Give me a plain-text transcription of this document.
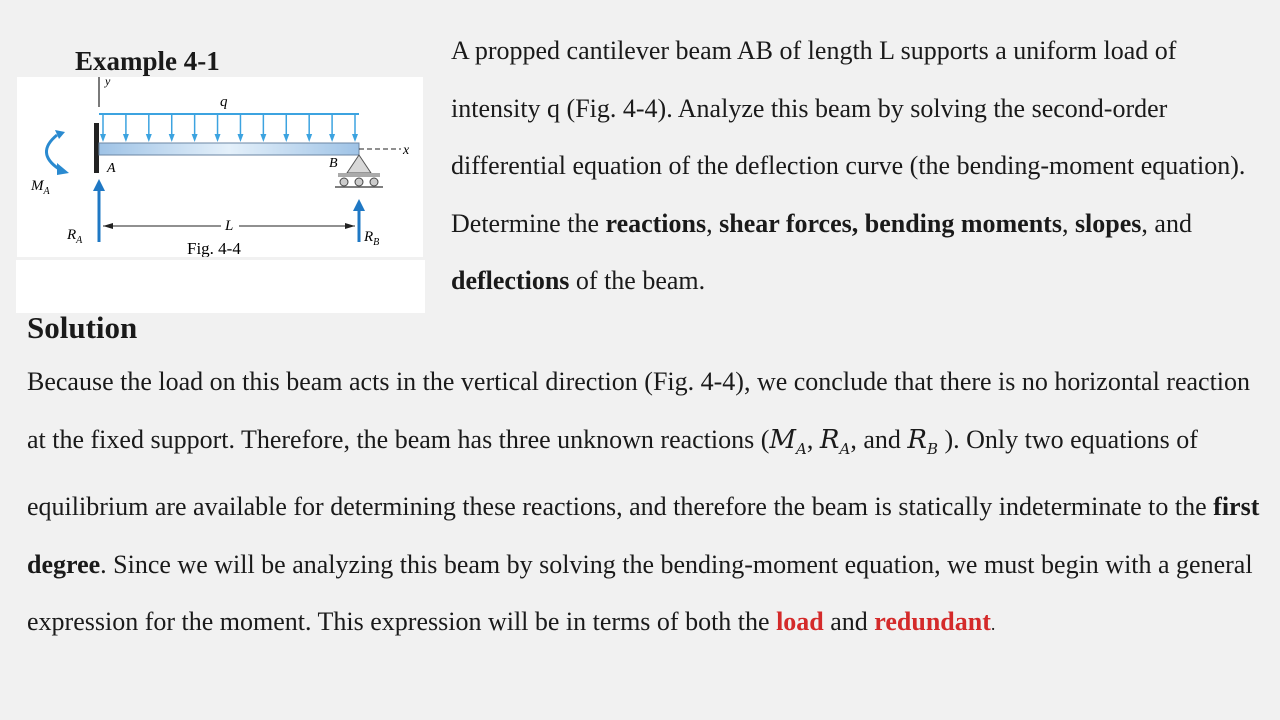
Example 4-1
y
x
q
A	B
$M_A$
$R_A$	$R_B$
L
Fig. 4-4

A propped cantilever beam AB of length L supports a uniform load of intensity q (Fig. 4-4). Analyze this beam by solving the second-order differential equation of the deflection curve (the bending-moment equation). Determine the reactions, shear forces, bending moments, slopes, and deflections of the beam.

Solution

Because the load on this beam acts in the vertical direction (Fig. 4-4), we conclude that there is no horizontal reaction at the fixed support. Therefore, the beam has three unknown reactions ($M_A$, $R_A$, and $R_B$ ). Only two equations of equilibrium are available for determining these reactions, and therefore the beam is statically indeterminate to the first degree. Since we will be analyzing this beam by solving the bending-moment equation, we must begin with a general expression for the moment. This expression will be in terms of both the load and redundant.
